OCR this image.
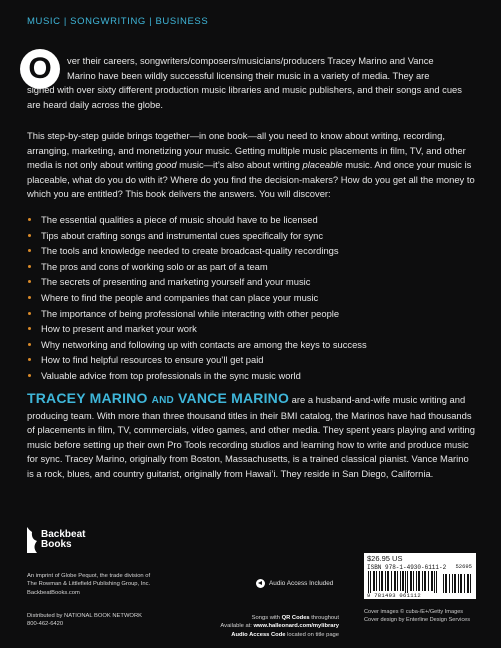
MUSIC | SONGWRITING | BUSINESS
O	ver their careers, songwriters/composers/musicians/producers Tracey Marino and Vance
Marino have been wildly successful licensing their music in a variety of media. They are
signed with over sixty different production music libraries and music publishers, and their songs and cues are heard daily across the globe.
This step-by-step guide brings together—in one book—all you need to know about writing, recording, arranging, marketing, and monetizing your music. Getting multiple music placements in film, TV, and other media is not only about writing good music—it’s also about writing placeable music. And once your music is placeable, what do you do with it? Where do you find the decision-makers? How do you get all the money to which you are entitled? This book delivers the answers. You will discover:
The essential qualities a piece of music should have to be licensed
Tips about crafting songs and instrumental cues specifically for sync
The tools and knowledge needed to create broadcast-quality recordings
The pros and cons of working solo or as part of a team
The secrets of presenting and marketing yourself and your music
Where to find the people and companies that can place your music
The importance of being professional while interacting with other people
How to present and market your work
Why networking and following up with contacts are among the keys to success
How to find helpful resources to ensure you’ll get paid
Valuable advice from top professionals in the sync music world
TRACEY MARINO AND VANCE MARINO are a husband-and-wife music writing and producing team. With more than three thousand titles in their BMI catalog, the Marinos have had thousands of placements in film, TV, commercials, video games, and other media. They spent years playing and writing music before setting up their own Pro Tools recording studios and learning how to write and produce music for sync. Tracey Marino, originally from Boston, Massachusetts, is a trained classical pianist. Vance Marino is a rock, blues, and country guitarist, originally from Hawai’i. They reside in San Diego, California.
Backbeat
Books
An imprint of Globe Pequot, the trade division of
The Rowman & Littlefield Publishing Group, Inc.
BackbeatBooks.com
Distributed by NATIONAL BOOK NETWORK
800-462-6420
Audio Access Included
Songs with QR Codes throughout
Available at: www.halleonard.com/mylibrary
Audio Access Code located on title page
$26.95 US
ISBN 978-1-4930-6111-2
9 781493 061112
52695
Cover images © cuba-/E+/Getty Images
Cover design by Enterline Design Services
